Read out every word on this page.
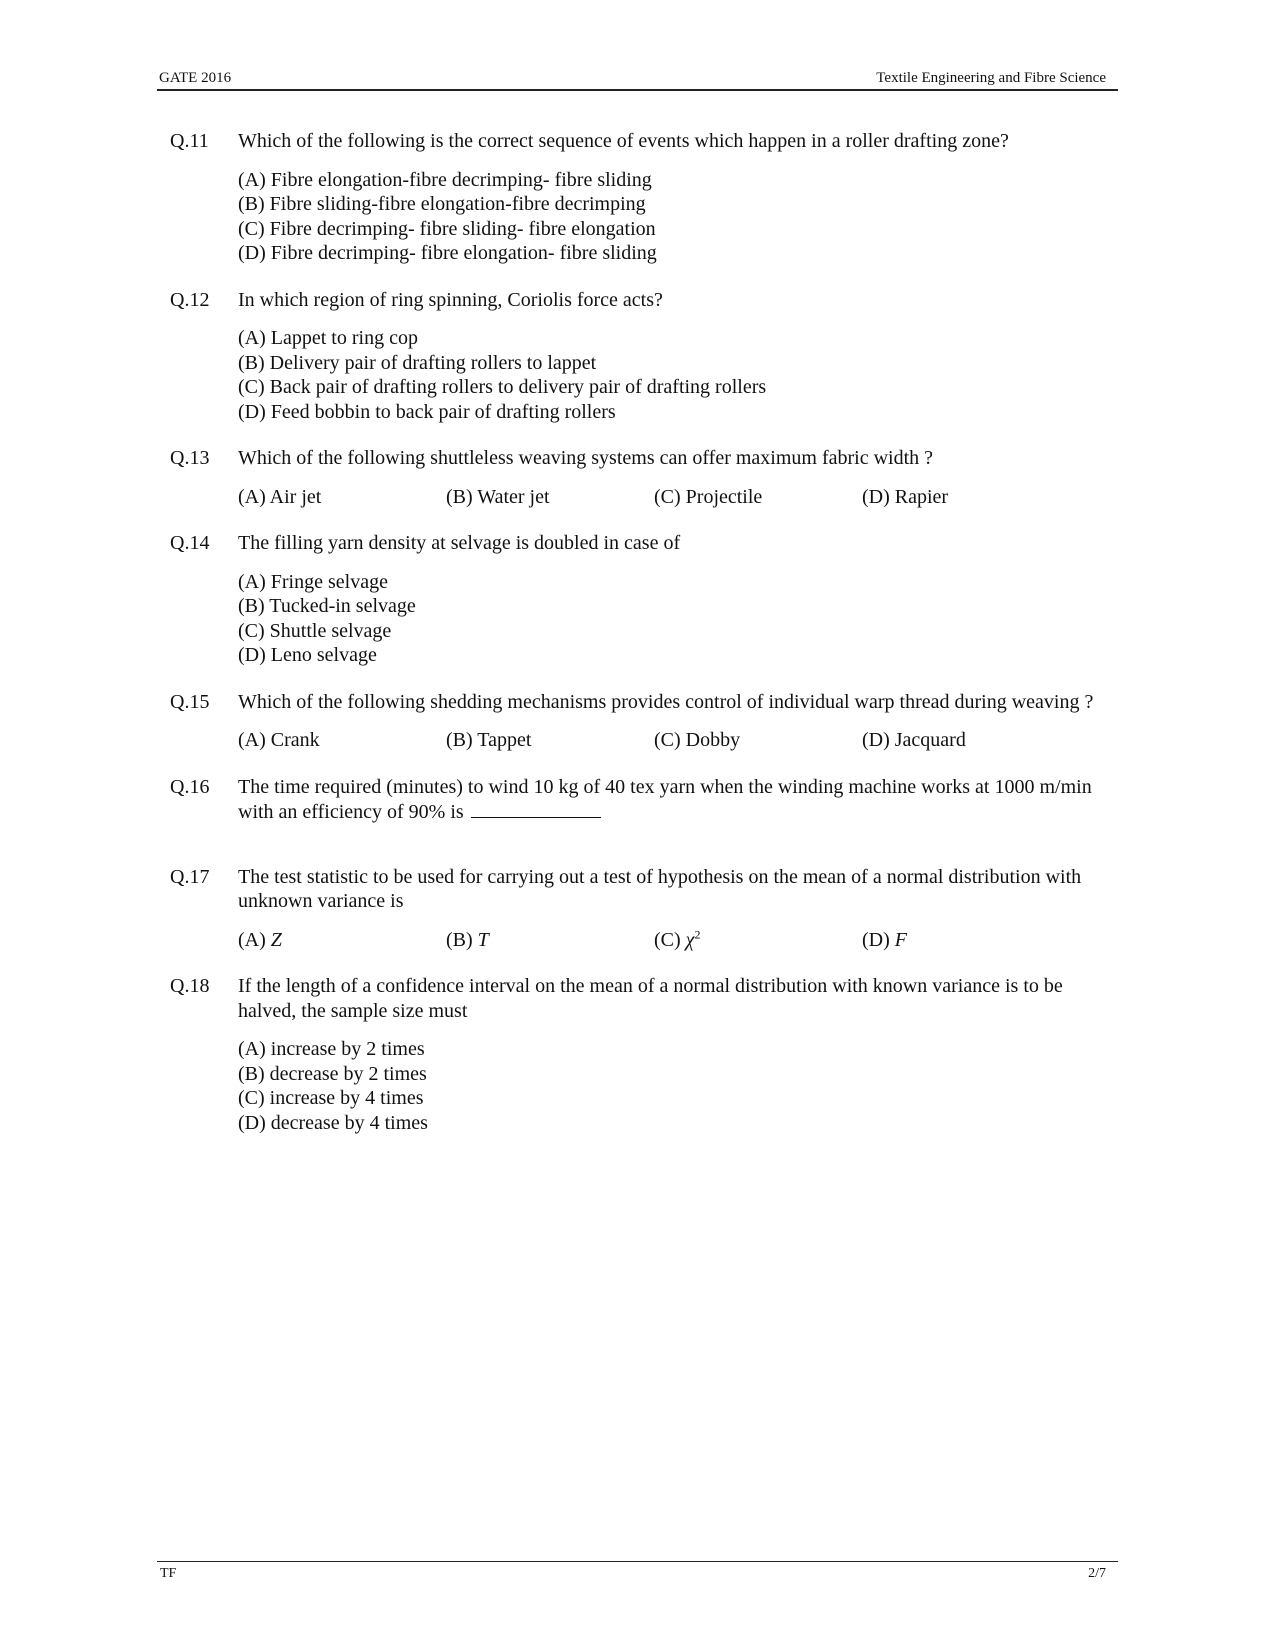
GATE 2016	Textile Engineering and Fibre Science
Q.11 Which of the following is the correct sequence of events which happen in a roller drafting zone?

(A) Fibre elongation-fibre decrimping- fibre sliding
(B) Fibre sliding-fibre elongation-fibre decrimping
(C) Fibre decrimping- fibre sliding- fibre elongation
(D) Fibre decrimping- fibre elongation- fibre sliding
Q.12 In which region of ring spinning, Coriolis force acts?

(A) Lappet to ring cop
(B) Delivery pair of drafting rollers to lappet
(C) Back pair of drafting rollers to delivery pair of drafting rollers
(D) Feed bobbin to back pair of drafting rollers
Q.13 Which of the following shuttleless weaving systems can offer maximum fabric width ?

(A) Air jet	(B) Water jet	(C) Projectile	(D) Rapier
Q.14 The filling yarn density at selvage is doubled in case of

(A) Fringe selvage
(B) Tucked-in selvage
(C) Shuttle selvage
(D) Leno selvage
Q.15 Which of the following shedding mechanisms provides control of individual warp thread during weaving ?

(A) Crank	(B) Tappet	(C) Dobby	(D) Jacquard
Q.16 The time required (minutes) to wind 10 kg of 40 tex yarn when the winding machine works at 1000 m/min with an efficiency of 90% is

Q.17 The test statistic to be used for carrying out a test of hypothesis on the mean of a normal distribution with unknown variance is

(A) Z	(B) T	(C) $\chi^2$	(D) F
Q.18 If the length of a confidence interval on the mean of a normal distribution with known variance is to be halved, the sample size must

(A) increase by 2 times
(B) decrease by 2 times
(C) increase by 4 times
(D) decrease by 4 times
TF	2/7
